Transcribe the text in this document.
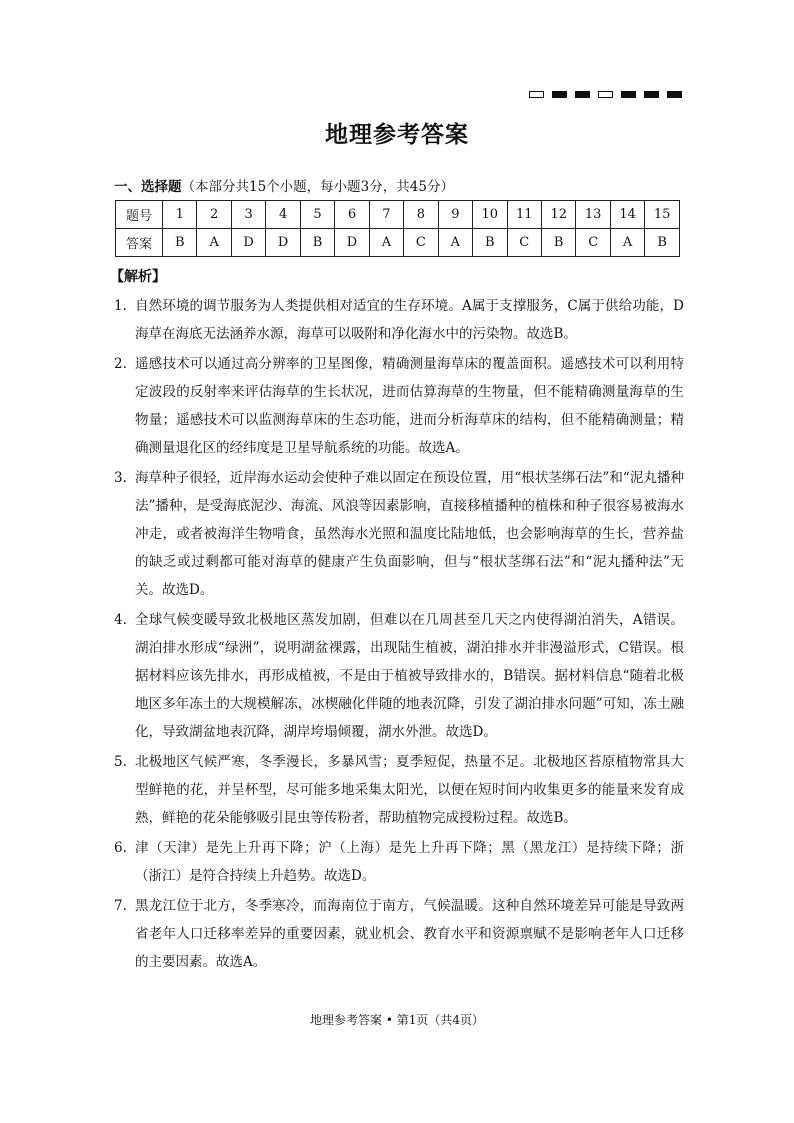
地理参考答案
一、选择题（本部分共15个小题，每小题3分，共45分）
题号	1	2	3	4	5	6	7	8	9	10	11	12	13	14	15
答案	B	A	D	D	B	D	A	C	A	B	C	B	C	A	B
【解析】
1. 自然环境的调节服务为人类提供相对适宜的生存环境。A属于支撑服务，C属于供给功能，D海草在海底无法涵养水源，海草可以吸附和净化海水中的污染物。故选B。
2. 遥感技术可以通过高分辨率的卫星图像，精确测量海草床的覆盖面积。遥感技术可以利用特定波段的反射率来评估海草的生长状况，进而估算海草的生物量，但不能精确测量海草的生物量；遥感技术可以监测海草床的生态功能，进而分析海草床的结构，但不能精确测量；精确测量退化区的经纬度是卫星导航系统的功能。故选A。
3. 海草种子很轻，近岸海水运动会使种子难以固定在预设位置，用“根状茎绑石法”和“泥丸播种法”播种，是受海底泥沙、海流、风浪等因素影响，直接移植播种的植株和种子很容易被海水冲走，或者被海洋生物啃食，虽然海水光照和温度比陆地低，也会影响海草的生长，营养盐的缺乏或过剩都可能对海草的健康产生负面影响，但与“根状茎绑石法”和“泥丸播种法”无关。故选D。
4. 全球气候变暖导致北极地区蒸发加剧，但难以在几周甚至几天之内使得湖泊消失，A错误。湖泊排水形成“绿洲”，说明湖盆裸露，出现陆生植被，湖泊排水并非漫溢形式，C错误。根据材料应该先排水，再形成植被，不是由于植被导致排水的，B错误。据材料信息“随着北极地区多年冻土的大规模解冻，冰楔融化伴随的地表沉降，引发了湖泊排水问题”可知，冻土融化，导致湖盆地表沉降，湖岸垮塌倾覆，湖水外泄。故选D。
5. 北极地区气候严寒，冬季漫长，多暴风雪；夏季短促，热量不足。北极地区苔原植物常具大型鲜艳的花，并呈杯型，尽可能多地采集太阳光，以便在短时间内收集更多的能量来发育成熟，鲜艳的花朵能够吸引昆虫等传粉者，帮助植物完成授粉过程。故选B。
6. 津（天津）是先上升再下降；沪（上海）是先上升再下降；黑（黑龙江）是持续下降；浙（浙江）是符合持续上升趋势。故选D。
7. 黑龙江位于北方，冬季寒冷，而海南位于南方，气候温暖。这种自然环境差异可能是导致两省老年人口迁移率差异的重要因素，就业机会、教育水平和资源禀赋不是影响老年人口迁移的主要因素。故选A。
地理参考答案 • 第1页（共4页）
